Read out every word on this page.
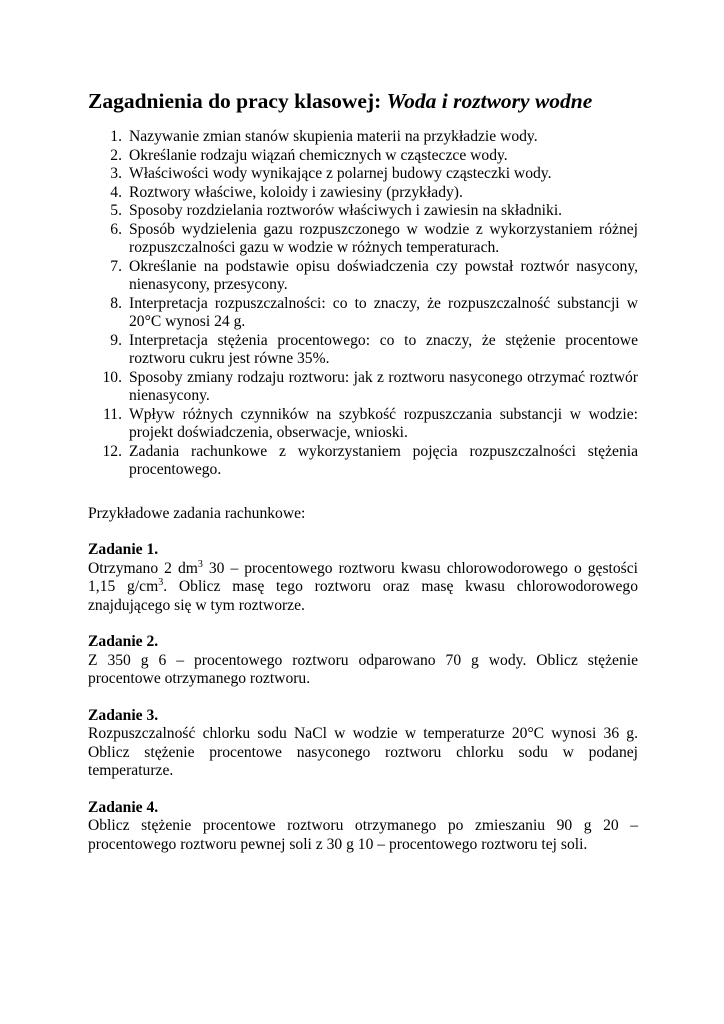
Zagadnienia do pracy klasowej: Woda i roztwory wodne
1. Nazywanie zmian stanów skupienia materii na przykładzie wody.
2. Określanie rodzaju wiązań chemicznych w cząsteczce wody.
3. Właściwości wody wynikające z polarnej budowy cząsteczki wody.
4. Roztwory właściwe, koloidy i zawiesiny (przykłady).
5. Sposoby rozdzielania roztworów właściwych i zawiesin na składniki.
6. Sposób wydzielenia gazu rozpuszczonego w wodzie z wykorzystaniem różnej rozpuszczalności gazu w wodzie w różnych temperaturach.
7. Określanie na podstawie opisu doświadczenia czy powstał roztwór nasycony, nienasycony, przesycony.
8. Interpretacja rozpuszczalności: co to znaczy, że rozpuszczalność substancji w 20°C wynosi 24 g.
9. Interpretacja stężenia procentowego: co to znaczy, że stężenie procentowe roztworu cukru jest równe 35%.
10. Sposoby zmiany rodzaju roztworu: jak z roztworu nasyconego otrzymać roztwór nienasycony.
11. Wpływ różnych czynników na szybkość rozpuszczania substancji w wodzie: projekt doświadczenia, obserwacje, wnioski.
12. Zadania rachunkowe z wykorzystaniem pojęcia rozpuszczalności stężenia procentowego.
Przykładowe zadania rachunkowe:
Zadanie 1.
Otrzymano 2 $dm^3$ 30 – procentowego roztworu kwasu chlorowodorowego o gęstości 1,15 $g/cm^3$. Oblicz masę tego roztworu oraz masę kwasu chlorowodorowego znajdującego się w tym roztworze.
Zadanie 2.
Z 350 g 6 – procentowego roztworu odparowano 70 g wody. Oblicz stężenie procentowe otrzymanego roztworu.
Zadanie 3.
Rozpuszczalność chlorku sodu NaCl w wodzie w temperaturze 20°C wynosi 36 g. Oblicz stężenie procentowe nasyconego roztworu chlorku sodu w podanej temperaturze.
Zadanie 4.
Oblicz stężenie procentowe roztworu otrzymanego po zmieszaniu 90 g 20 – procentowego roztworu pewnej soli z 30 g 10 – procentowego roztworu tej soli.
